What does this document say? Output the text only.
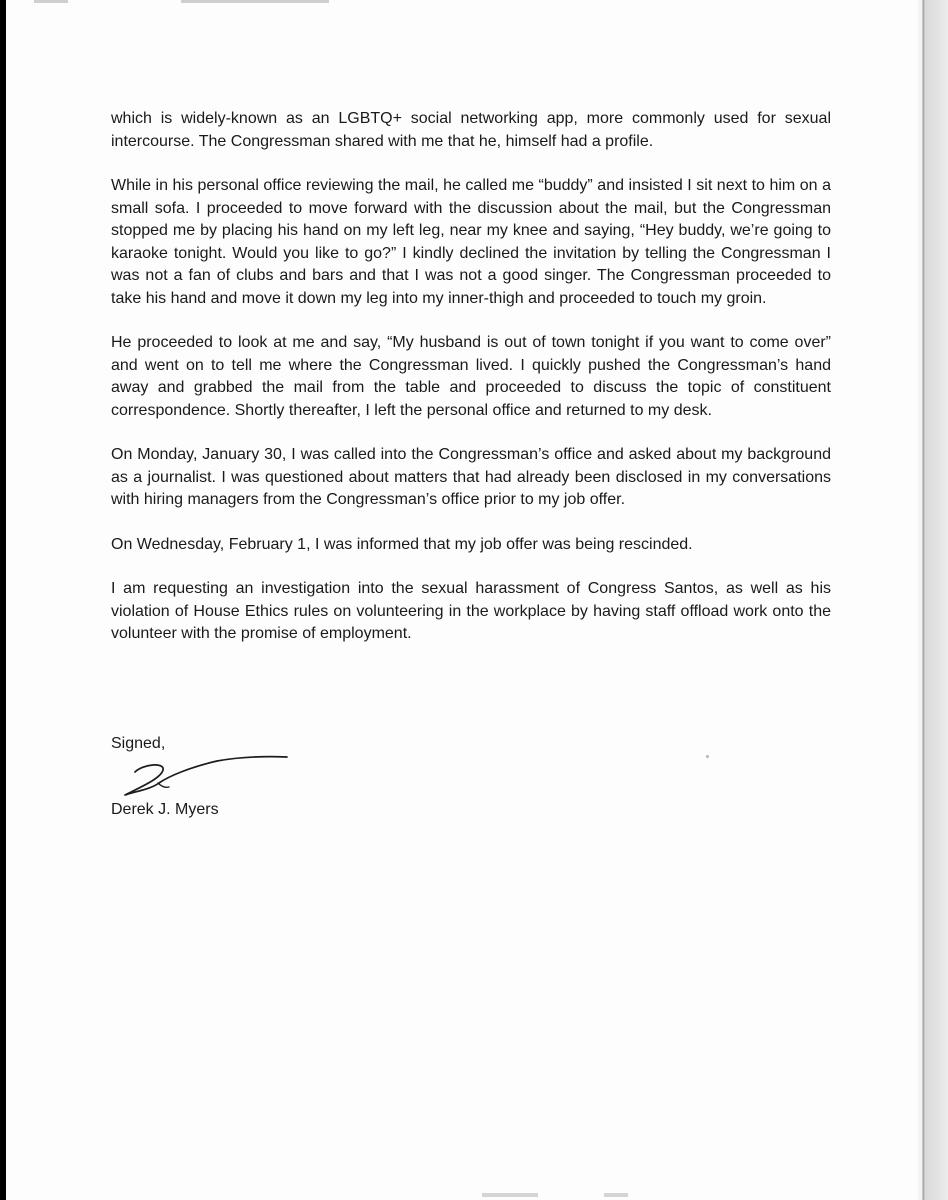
which is widely-known as an LGBTQ+ social networking app, more commonly used for sexual intercourse. The Congressman shared with me that he, himself had a profile.

While in his personal office reviewing the mail, he called me “buddy” and insisted I sit next to him on a small sofa. I proceeded to move forward with the discussion about the mail, but the Congressman stopped me by placing his hand on my left leg, near my knee and saying, “Hey buddy, we’re going to karaoke tonight. Would you like to go?” I kindly declined the invitation by telling the Congressman I was not a fan of clubs and bars and that I was not a good singer. The Congressman proceeded to take his hand and move it down my leg into my inner-thigh and proceeded to touch my groin.

He proceeded to look at me and say, “My husband is out of town tonight if you want to come over” and went on to tell me where the Congressman lived. I quickly pushed the Congressman’s hand away and grabbed the mail from the table and proceeded to discuss the topic of constituent correspondence. Shortly thereafter, I left the personal office and returned to my desk.

On Monday, January 30, I was called into the Congressman’s office and asked about my background as a journalist. I was questioned about matters that had already been disclosed in my conversations with hiring managers from the Congressman’s office prior to my job offer.

On Wednesday, February 1, I was informed that my job offer was being rescinded.

I am requesting an investigation into the sexual harassment of Congress Santos, as well as his violation of House Ethics rules on volunteering in the workplace by having staff offload work onto the volunteer with the promise of employment.

Signed,
Derek J. Myers
